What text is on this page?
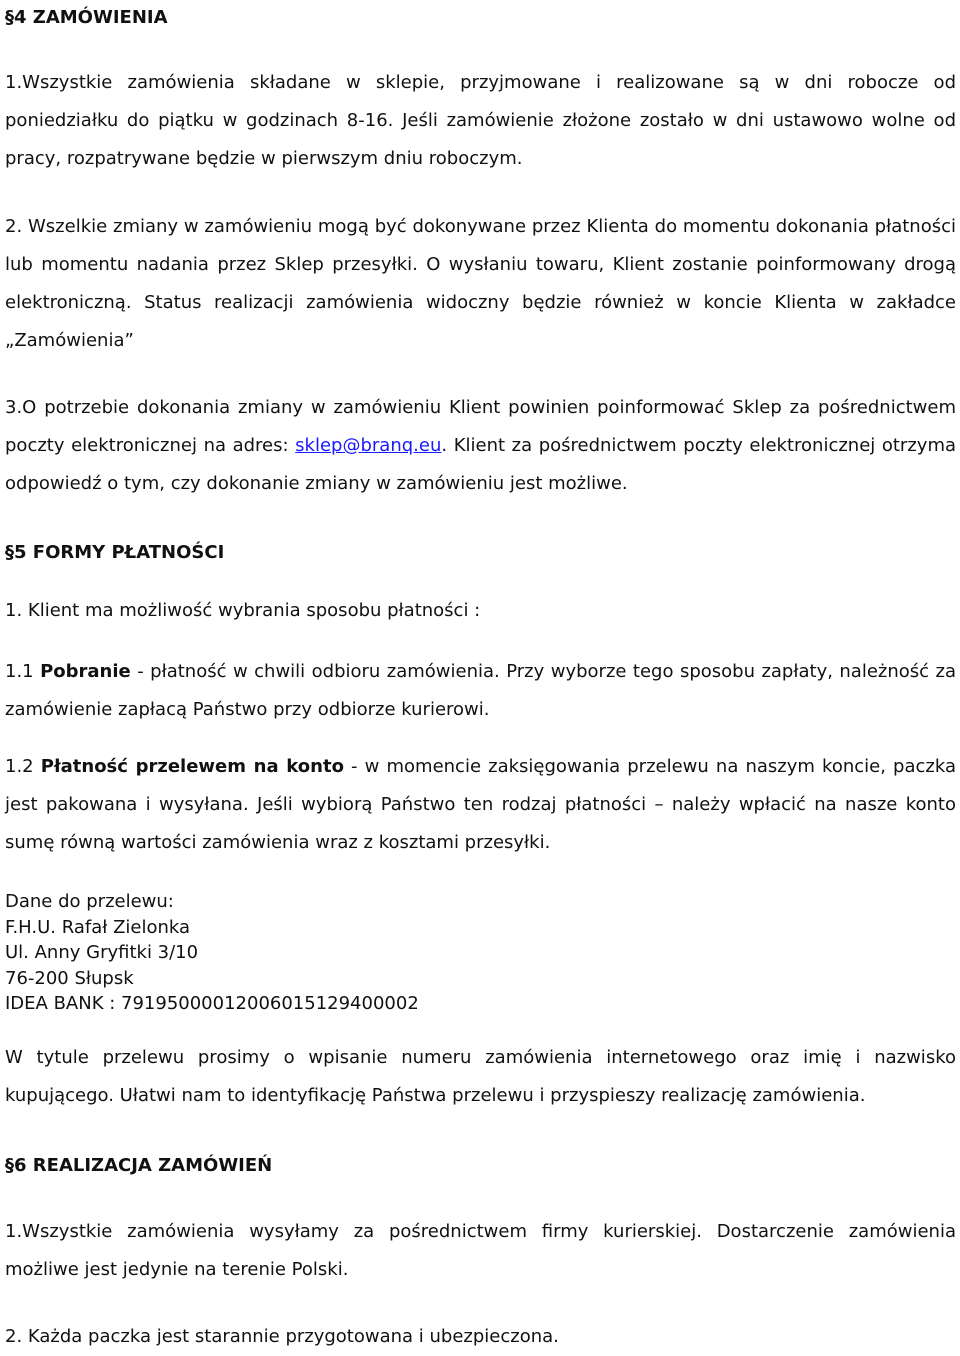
§4 ZAMÓWIENIA

1.Wszystkie zamówienia składane w sklepie, przyjmowane i realizowane są w dni robocze od poniedziałku do piątku w godzinach 8-16. Jeśli zamówienie złożone zostało w dni ustawowo wolne od pracy, rozpatrywane będzie w pierwszym dniu roboczym.

2. Wszelkie zmiany w zamówieniu mogą być dokonywane przez Klienta do momentu dokonania płatności lub momentu nadania przez Sklep przesyłki. O wysłaniu towaru, Klient zostanie poinformowany drogą elektroniczną. Status realizacji zamówienia widoczny będzie również w koncie Klienta w zakładce „Zamówienia”

3.O potrzebie dokonania zmiany w zamówieniu Klient powinien poinformować Sklep za pośrednictwem poczty elektronicznej na adres: sklep@branq.eu. Klient za pośrednictwem poczty elektronicznej otrzyma odpowiedź o tym, czy dokonanie zmiany w zamówieniu jest możliwe.

§5 FORMY PŁATNOŚCI

1. Klient ma możliwość wybrania sposobu płatności :

1.1 Pobranie - płatność w chwili odbioru zamówienia. Przy wyborze tego sposobu zapłaty, należność za zamówienie zapłacą Państwo przy odbiorze kurierowi.

1.2 Płatność przelewem na konto - w momencie zaksięgowania przelewu na naszym koncie, paczka jest pakowana i wysyłana. Jeśli wybiorą Państwo ten rodzaj płatności – należy wpłacić na nasze konto sumę równą wartości zamówienia wraz z kosztami przesyłki.

Dane do przelewu:
F.H.U. Rafał Zielonka
Ul. Anny Gryfitki 3/10
76-200 Słupsk
IDEA BANK : 79195000012006015129400002

W tytule przelewu prosimy o wpisanie numeru zamówienia internetowego oraz imię i nazwisko kupującego. Ułatwi nam to identyfikację Państwa przelewu i przyspieszy realizację zamówienia.

§6 REALIZACJA ZAMÓWIEŃ

1.Wszystkie zamówienia wysyłamy za pośrednictwem firmy kurierskiej. Dostarczenie zamówienia możliwe jest jedynie na terenie Polski.

2. Każda paczka jest starannie przygotowana i ubezpieczona.
